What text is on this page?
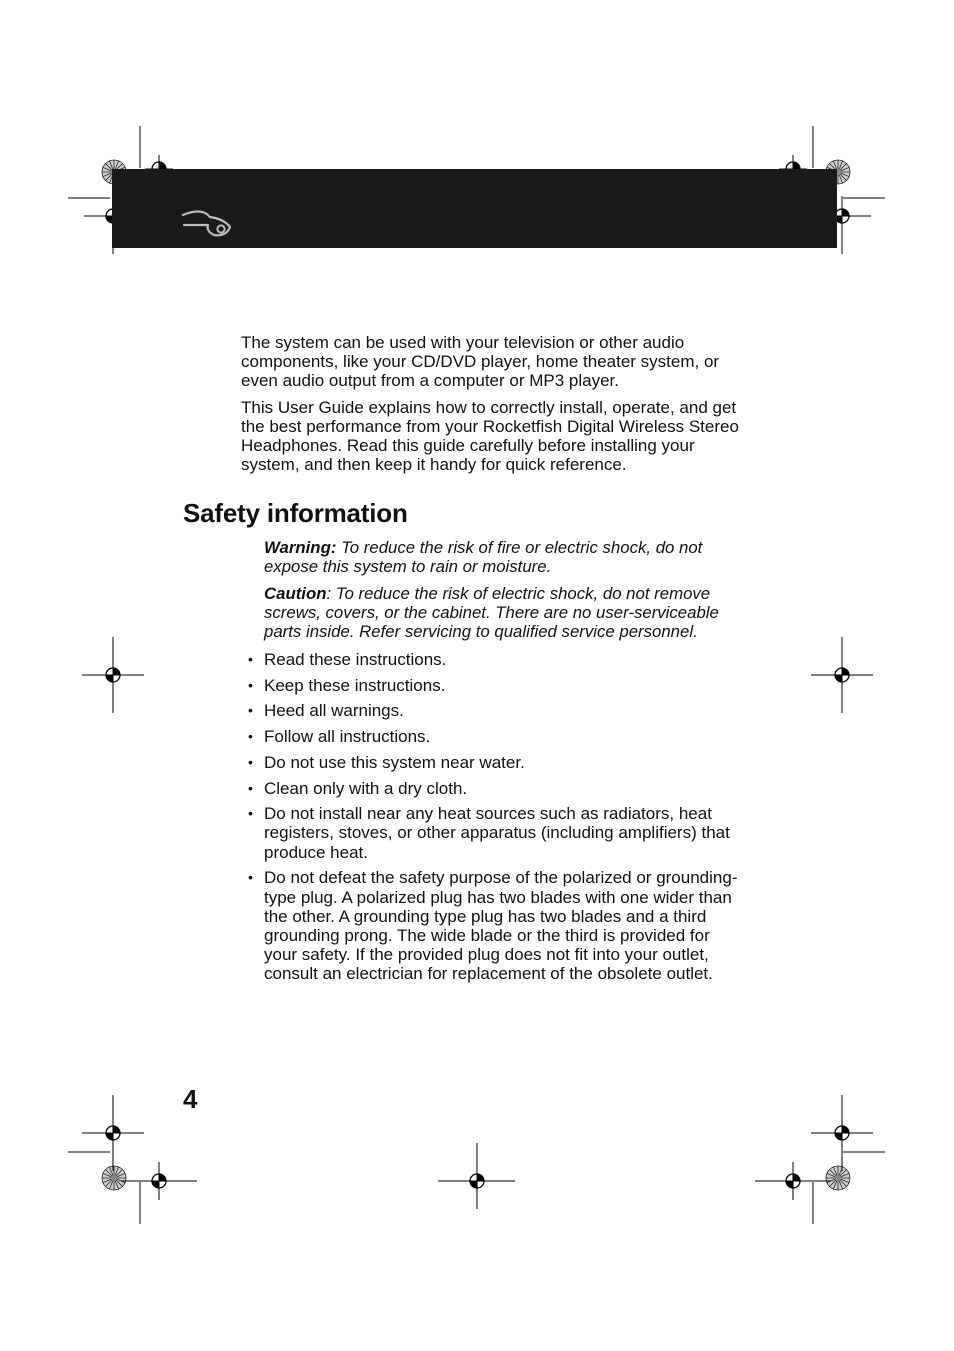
The system can be used with your television or other audio components, like your CD/DVD player, home theater system, or even audio output from a computer or MP3 player.

This User Guide explains how to correctly install, operate, and get the best performance from your Rocketfish Digital Wireless Stereo Headphones. Read this guide carefully before installing your system, and then keep it handy for quick reference.

Safety information

Warning: To reduce the risk of fire or electric shock, do not expose this system to rain or moisture.

Caution: To reduce the risk of electric shock, do not remove screws, covers, or the cabinet. There are no user-serviceable parts inside. Refer servicing to qualified service personnel.

• Read these instructions.
• Keep these instructions.
• Heed all warnings.
• Follow all instructions.
• Do not use this system near water.
• Clean only with a dry cloth.
• Do not install near any heat sources such as radiators, heat registers, stoves, or other apparatus (including amplifiers) that produce heat.
• Do not defeat the safety purpose of the polarized or grounding-type plug. A polarized plug has two blades with one wider than the other. A grounding type plug has two blades and a third grounding prong. The wide blade or the third is provided for your safety. If the provided plug does not fit into your outlet, consult an electrician for replacement of the obsolete outlet.
4
